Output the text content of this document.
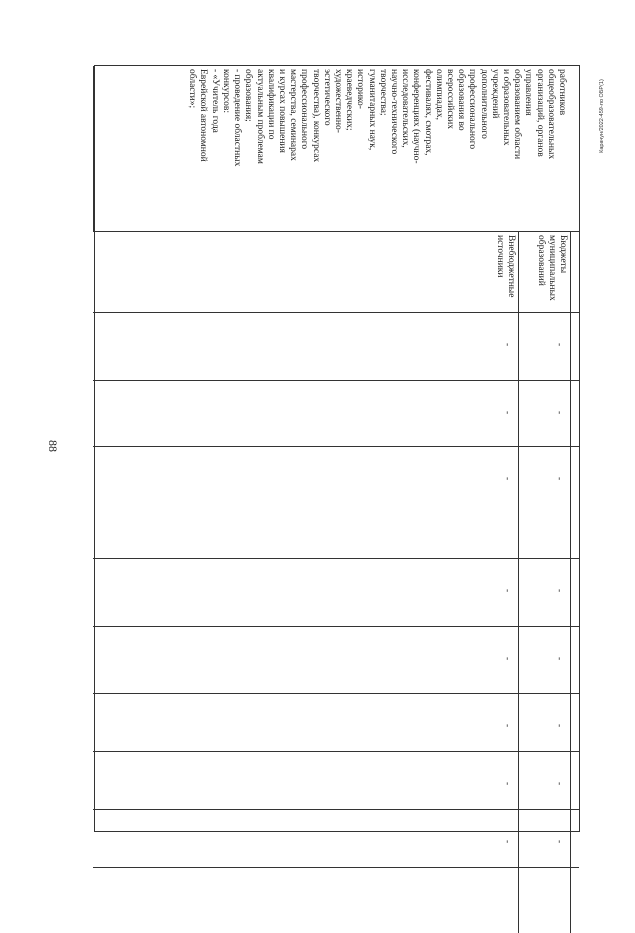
88
Карачун/2022-459-ло ОБР(1)
работников
общеобразовательных
организаций, органов
управления
образованием области
и образовательных
учреждений
дополнительного
профессионального
образования во
всероссийских
олимпиадах,
фестивалях, смотрах,
конференциях (научно-
исследовательских,
научно-технического
творчества;
гуманитарных наук,
историко-
краеведческих;
художественно-
эстетического
творчества), конкурсах
профессионального
мастерства, семинарах
и курсах повышения
квалификации по
актуальным проблемам
образования;
- проведение областных
конкурсов:
- «Учитель года
Еврейской автономной
области»;
Бюджеты
муниципальных
образований
-
-
-
-
-
-
-
-
Внебюджетные
источники
-
-
-
-
-
-
-
-
